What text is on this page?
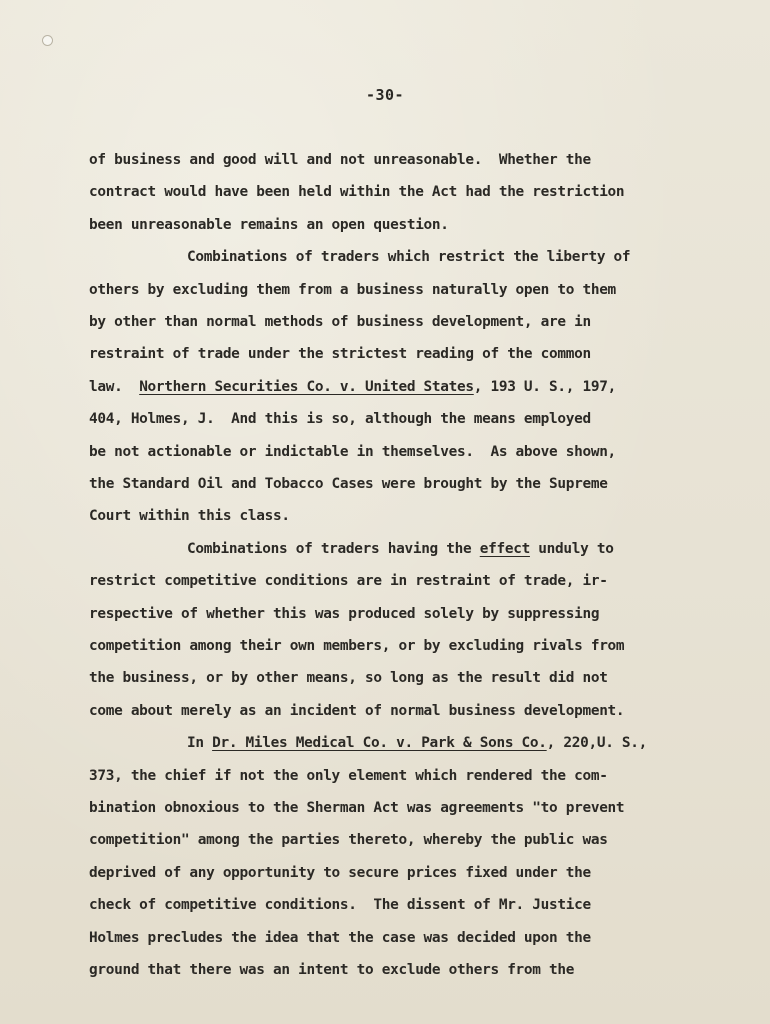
-30-
of business and good will and not unreasonable.  Whether the
contract would have been held within the Act had the restriction
been unreasonable remains an open question.
Combinations of traders which restrict the liberty of
others by excluding them from a business naturally open to them
by other than normal methods of business development, are in
restraint of trade under the strictest reading of the common
law.  Northern Securities Co. v. United States, 193 U. S., 197,
404, Holmes, J.  And this is so, although the means employed
be not actionable or indictable in themselves.  As above shown,
the Standard Oil and Tobacco Cases were brought by the Supreme
Court within this class.
Combinations of traders having the effect unduly to
restrict competitive conditions are in restraint of trade, ir-
respective of whether this was produced solely by suppressing
competition among their own members, or by excluding rivals from
the business, or by other means, so long as the result did not
come about merely as an incident of normal business development.
In Dr. Miles Medical Co. v. Park & Sons Co., 220,U. S.,
373, the chief if not the only element which rendered the com-
bination obnoxious to the Sherman Act was agreements "to prevent
competition" among the parties thereto, whereby the public was
deprived of any opportunity to secure prices fixed under the
check of competitive conditions.  The dissent of Mr. Justice
Holmes precludes the idea that the case was decided upon the
ground that there was an intent to exclude others from the
